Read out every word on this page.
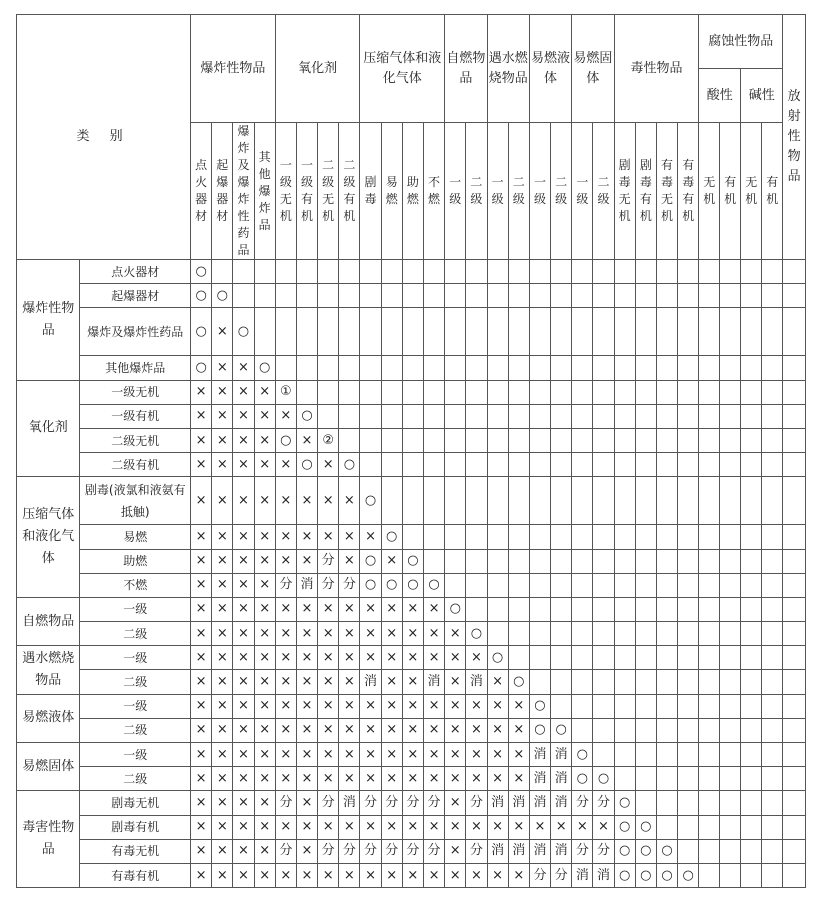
类 别		爆炸性物品				氧化剂				压缩气体和液化气体				自燃物品		遇水燃烧物品		易燃液体		易燃固体		毒性物品				腐蚀性物品				放射性物品

																										酸性		碱性		
		点火器材	起爆器材	爆炸及爆炸性药品	其他爆炸品	一级无机	一级有机	二级无机	二级有机	剧毒	易燃	助燃	不燃	一级	二级	一级	二级	一级	二级	一级	二级	剧毒无机	剧毒有机	有毒无机	有毒有机	无机	有机	无机	有机	
爆炸性物品	点火器材	○																												
	起爆器材	○	○																											
	爆炸及爆炸性药品	○	×	○																										
	其他爆炸品	○	×	×	○																									
氧化剂	一级无机	×	×	×	×	①																								
	一级有机	×	×	×	×	×	○																							
	二级无机	×	×	×	×	○	×	②																						
	二级有机	×	×	×	×	×	○	×	○																					
压缩气体和液化气体	剧毒(液氯和液氨有抵触)	×	×	×	×	×	×	×	×	○																				
	易燃	×	×	×	×	×	×	×	×	×	○																			
	助燃	×	×	×	×	×	×	分	×	○	×	○																		
	不燃	×	×	×	×	分	消	分	分	○	○	○	○																	
自燃物品	一级	×	×	×	×	×	×	×	×	×	×	×	×	○																
	二级	×	×	×	×	×	×	×	×	×	×	×	×	×	○															
遇水燃烧物品	一级	×	×	×	×	×	×	×	×	×	×	×	×	×	×	○														
	二级	×	×	×	×	×	×	×	×	消	×	×	消	×	消	×	○													
易燃液体	一级	×	×	×	×	×	×	×	×	×	×	×	×	×	×	×	×	○												
	二级	×	×	×	×	×	×	×	×	×	×	×	×	×	×	×	×	○	○											
易燃固体	一级	×	×	×	×	×	×	×	×	×	×	×	×	×	×	×	×	消	消	○										
	二级	×	×	×	×	×	×	×	×	×	×	×	×	×	×	×	×	消	消	○	○									
毒害性物品	剧毒无机	×	×	×	×	分	×	分	消	分	分	分	分	×	分	消	消	消	消	分	分	○								
	剧毒有机	×	×	×	×	×	×	×	×	×	×	×	×	×	×	×	×	×	×	×	×	○	○							
	有毒无机	×	×	×	×	分	×	分	分	分	分	分	分	×	分	消	消	消	消	分	分	○	○	○						
	有毒有机	×	×	×	×	×	×	×	×	×	×	×	×	×	×	×	×	分	分	消	消	○	○	○	○					
